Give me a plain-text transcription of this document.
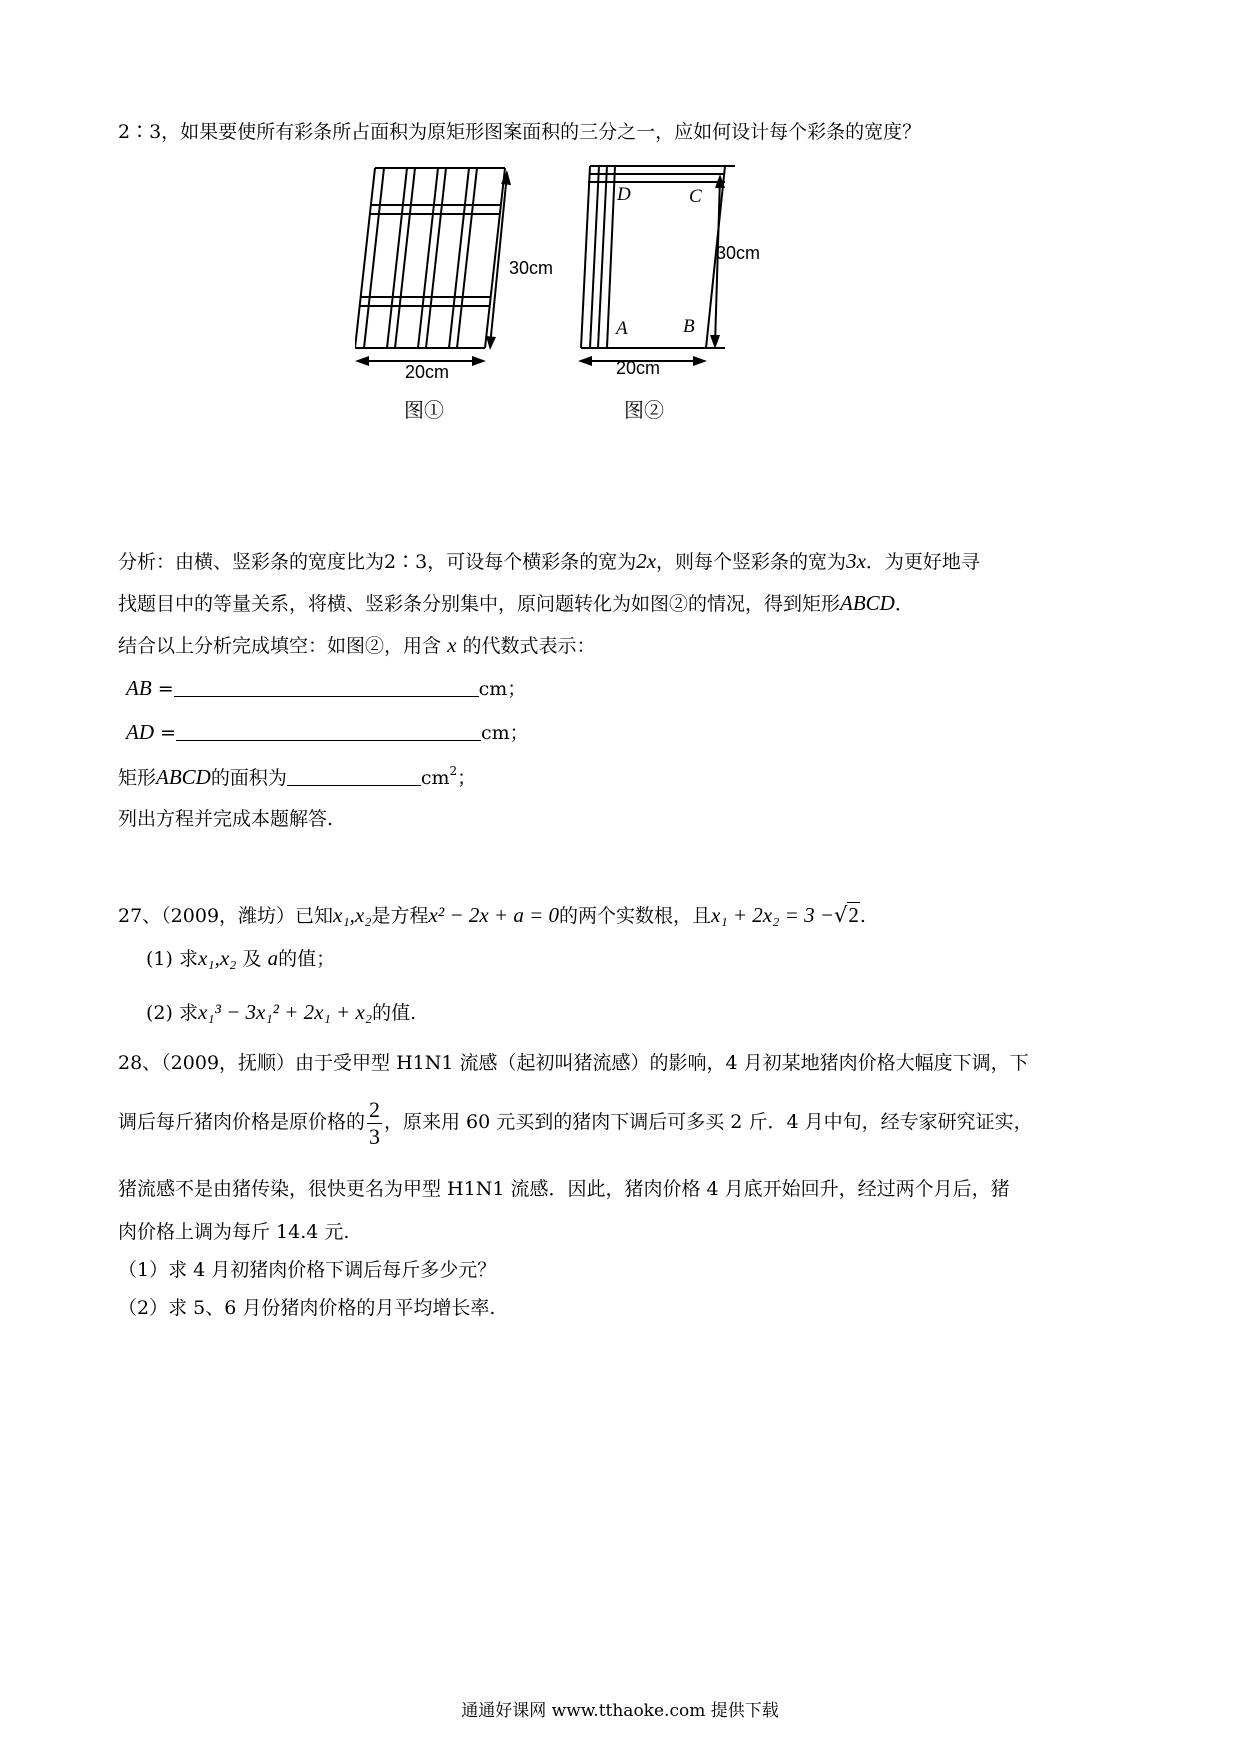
2∶3，如果要使所有彩条所占面积为原矩形图案面积的三分之一，应如何设计每个彩条的宽度？
30cm
20cm
图①
D	C
A	B
30cm
20cm
图②
分析：由横、竖彩条的宽度比为2∶3，可设每个横彩条的宽为2x，则每个竖彩条的宽为3x．为更好地寻
找题目中的等量关系，将横、竖彩条分别集中，原问题转化为如图②的情况，得到矩形ABCD．
结合以上分析完成填空：如图②，用含 x 的代数式表示：
AB =	cm；
AD =	cm；
矩形ABCD的面积为	$cm^2$；
列出方程并完成本题解答.
27、（2009，潍坊）已知x₁,x₂是方程x² − 2x + a = 0的两个实数根，且x₁ + 2x₂ = 3 −√2.
(1) 求x₁,x₂ 及 a的值；
(2) 求x₁³ − 3x₁² + 2x₁ + x₂的值.
28、（2009，抚顺）由于受甲型 H1N1 流感（起初叫猪流感）的影响，4 月初某地猪肉价格大幅度下调，下
调后每斤猪肉价格是原价格的 $\frac{2}{3}$ ，原来用 60 元买到的猪肉下调后可多买 2 斤．4 月中旬，经专家研究证实，
猪流感不是由猪传染，很快更名为甲型 H1N1 流感．因此，猪肉价格 4 月底开始回升，经过两个月后，猪
肉价格上调为每斤 14.4 元.
（1）求 4 月初猪肉价格下调后每斤多少元？
（2）求 5、6 月份猪肉价格的月平均增长率.
通通好课网 www.tthaoke.com 提供下载
